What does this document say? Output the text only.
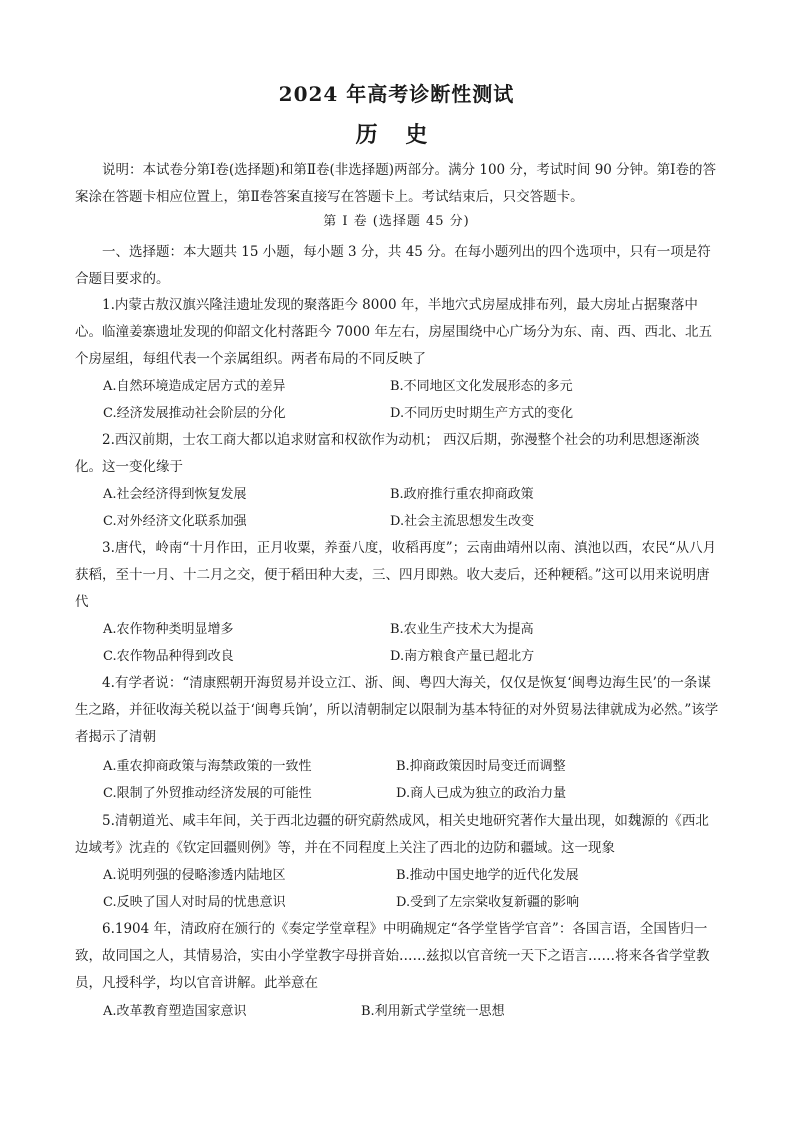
2024 年高考诊断性测试
历 史
说明：本试卷分第Ⅰ卷(选择题)和第Ⅱ卷(非选择题)两部分。满分 100 分，考试时间 90 分钟。第Ⅰ卷的答案涂在答题卡相应位置上，第Ⅱ卷答案直接写在答题卡上。考试结束后，只交答题卡。
第 Ⅰ 卷 (选择题 45 分)
一、选择题：本大题共 15 小题，每小题 3 分，共 45 分。在每小题列出的四个选项中，只有一项是符合题目要求的。
1.内蒙古敖汉旗兴隆洼遗址发现的聚落距今 8000 年，半地穴式房屋成排布列，最大房址占据聚落中心。临潼姜寨遗址发现的仰韶文化村落距今 7000 年左右，房屋围绕中心广场分为东、南、西、西北、北五个房屋组，每组代表一个亲属组织。两者布局的不同反映了
A.自然环境造成定居方式的差异	B.不同地区文化发展形态的多元
C.经济发展推动社会阶层的分化	D.不同历史时期生产方式的变化
2.西汉前期，士农工商大都以追求财富和权欲作为动机； 西汉后期，弥漫整个社会的功利思想逐渐淡化。这一变化缘于
A.社会经济得到恢复发展	B.政府推行重农抑商政策
C.对外经济文化联系加强	D.社会主流思想发生改变
3.唐代，岭南“十月作田，正月收粟，养蚕八度，收稻再度”；云南曲靖州以南、滇池以西，农民“从八月获稻，至十一月、十二月之交，便于稻田种大麦，三、四月即熟。收大麦后，还种粳稻。”这可以用来说明唐代
A.农作物种类明显增多	B.农业生产技术大为提高
C.农作物品种得到改良	D.南方粮食产量已超北方
4.有学者说：“清康熙朝开海贸易并设立江、浙、闽、粤四大海关，仅仅是恢复‘闽粤边海生民’的一条谋生之路，并征收海关税以益于‘闽粤兵饷’，所以清朝制定以限制为基本特征的对外贸易法律就成为必然。”该学者揭示了清朝
A.重农抑商政策与海禁政策的一致性	B.抑商政策因时局变迁而调整
C.限制了外贸推动经济发展的可能性	D.商人已成为独立的政治力量
5.清朝道光、咸丰年间，关于西北边疆的研究蔚然成风，相关史地研究著作大量出现，如魏源的《西北边域考》沈垚的《钦定回疆则例》等，并在不同程度上关注了西北的边防和疆域。这一现象
A.说明列强的侵略渗透内陆地区	B.推动中国史地学的近代化发展
C.反映了国人对时局的忧患意识	D.受到了左宗棠收复新疆的影响
6.1904 年，清政府在颁行的《奏定学堂章程》中明确规定“各学堂皆学官音”：各国言语，全国皆归一致，故同国之人，其情易洽，实由小学堂教字母拼音始……兹拟以官音统一天下之语言……将来各省学堂教员，凡授科学，均以官音讲解。此举意在
A.改革教育塑造国家意识	B.利用新式学堂统一思想
